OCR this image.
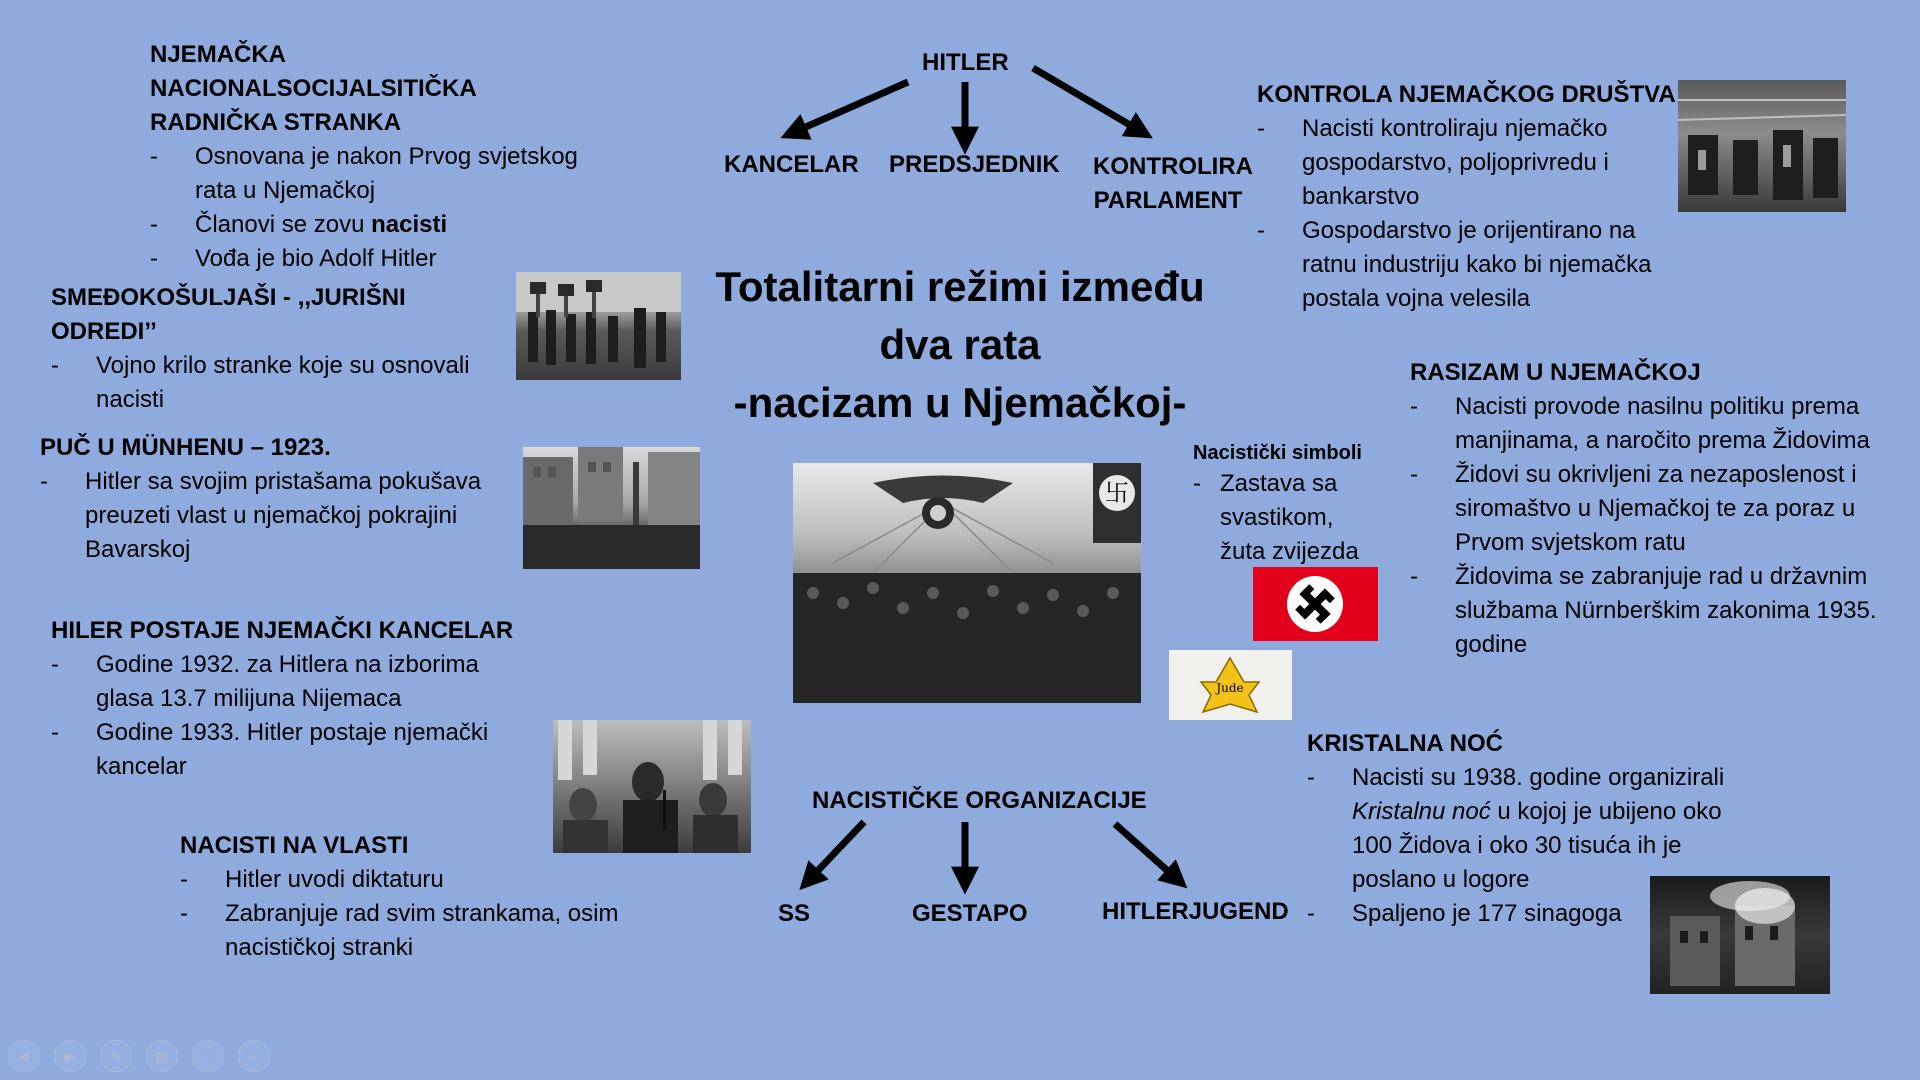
Totalitarni režimi između
dva rata
-nacizam u Njemačkoj-
HITLER
KANCELAR PREDSJEDNIK KONTROLIRA
PARLAMENT
NACISTIČKE ORGANIZACIJE
SS	GESTAPO	HITLERJUGEND
NJEMAČKA NACIONALSOCIJALSITIČKA
RADNIČKA STRANKA
- Osnovana je nakon Prvog svjetskog rata u Njemačkoj
- Članovi se zovu nacisti
- Vođa je bio Adolf Hitler
SMEĐOKOŠULJAŠI - ,,JURIŠNI ODREDI’’
- Vojno krilo stranke koje su osnovali nacisti
PUČ U MÜNHENU – 1923.
- Hitler sa svojim pristašama pokušava preuzeti vlast u njemačkoj pokrajini Bavarskoj
HILER POSTAJE NJEMAČKI KANCELAR
- Godine 1932. za Hitlera na izborima glasa 13.7 milijuna Nijemaca
- Godine 1933. Hitler postaje njemački kancelar
NACISTI NA VLASTI
- Hitler uvodi diktaturu
- Zabranjuje rad svim strankama, osim nacističkoj stranki
KONTROLA NJEMAČKOG DRUŠTVA
- Nacisti kontroliraju njemačko gospodarstvo, poljoprivredu i bankarstvo
- Gospodarstvo je orijentirano na ratnu industriju kako bi njemačka postala vojna velesila
RASIZAM U NJEMAČKOJ
- Nacisti provode nasilnu politiku prema manjinama, a naročito prema Židovima
- Židovi su okrivljeni za nezaposlenost i siromaštvo u Njemačkoj te za poraz u Prvom svjetskom ratu
- Židovima se zabranjuje rad u državnim službama Nürnberškim zakonima 1935. godine
Nacistički simboli
- Zastava sa svastikom, žuta zvijezda
Jude
卐
KRISTALNA NOĆ
- Nacisti su 1938. godine organizirali Kristalnu noć u kojoj je ubijeno oko 100 Židova i oko 30 tisuća ih je poslano u logore
- Spaljeno je 177 sinagoga
◀	▶	✎	▦	⌕	⋯
